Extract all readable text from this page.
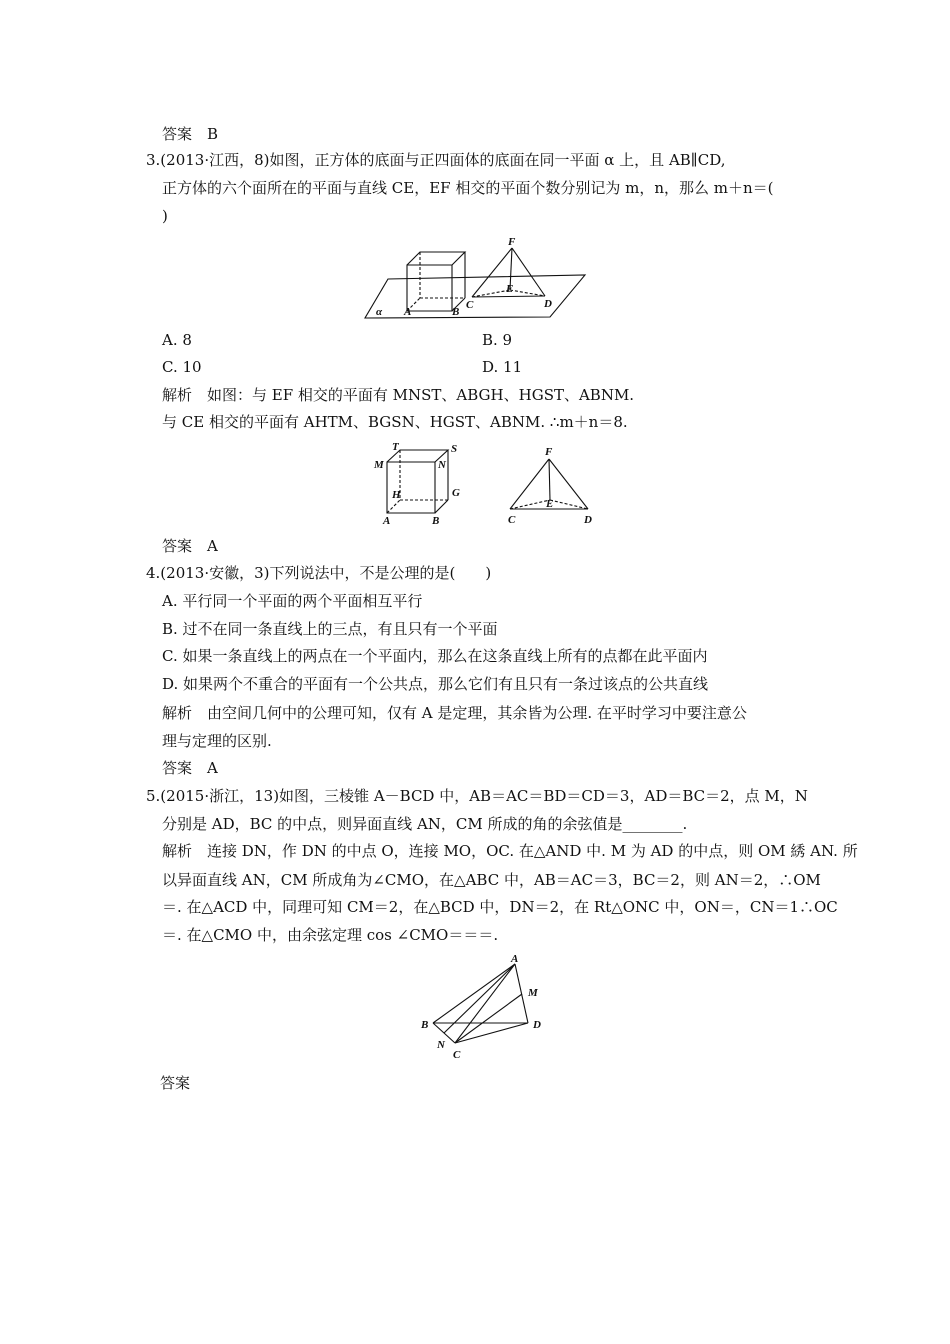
答案　B
3.(2013·江西，8)如图，正方体的底面与正四面体的底面在同一平面 α 上，且 AB∥CD,
正方体的六个面所在的平面与直线 CE，EF 相交的平面个数分别记为 m，n，那么 m＋n＝(
)
α A	B
C	D
E
F
A. 8	B. 9
C. 10	D. 11
解析　如图：与 EF 相交的平面有 MNST、ABGH、HGST、ABNM.
与 CE 相交的平面有 AHTM、BGSN、HGST、ABNM. ∴m＋n＝8.
T	S
M	N
H	G
A	B
F
E
C	D
答案　A
4.(2013·安徽，3)下列说法中，不是公理的是(　　)
A. 平行同一个平面的两个平面相互平行
B. 过不在同一条直线上的三点，有且只有一个平面
C. 如果一条直线上的两点在一个平面内，那么在这条直线上所有的点都在此平面内
D. 如果两个不重合的平面有一个公共点，那么它们有且只有一条过该点的公共直线
解析　由空间几何中的公理可知，仅有 A 是定理，其余皆为公理. 在平时学习中要注意公
理与定理的区别.
答案　A
5.(2015·浙江，13)如图，三棱锥 A－BCD 中，AB＝AC＝BD＝CD＝3，AD＝BC＝2，点 M，N
分别是 AD，BC 的中点，则异面直线 AN，CM 所成的角的余弦值是________.
解析　连接 DN，作 DN 的中点 O，连接 MO，OC. 在△AND 中. M 为 AD 的中点，则 OM 綉 AN. 所
以异面直线 AN，CM 所成角为∠CMO，在△ABC 中，AB＝AC＝3，BC＝2，则 AN＝2，∴OM
＝. 在△ACD 中，同理可知 CM＝2，在△BCD 中，DN＝2，在 Rt△ONC 中，ON＝，CN＝1∴OC
＝. 在△CMO 中，由余弦定理 cos ∠CMO＝＝＝.
A
M
B	D
N
C
答案
